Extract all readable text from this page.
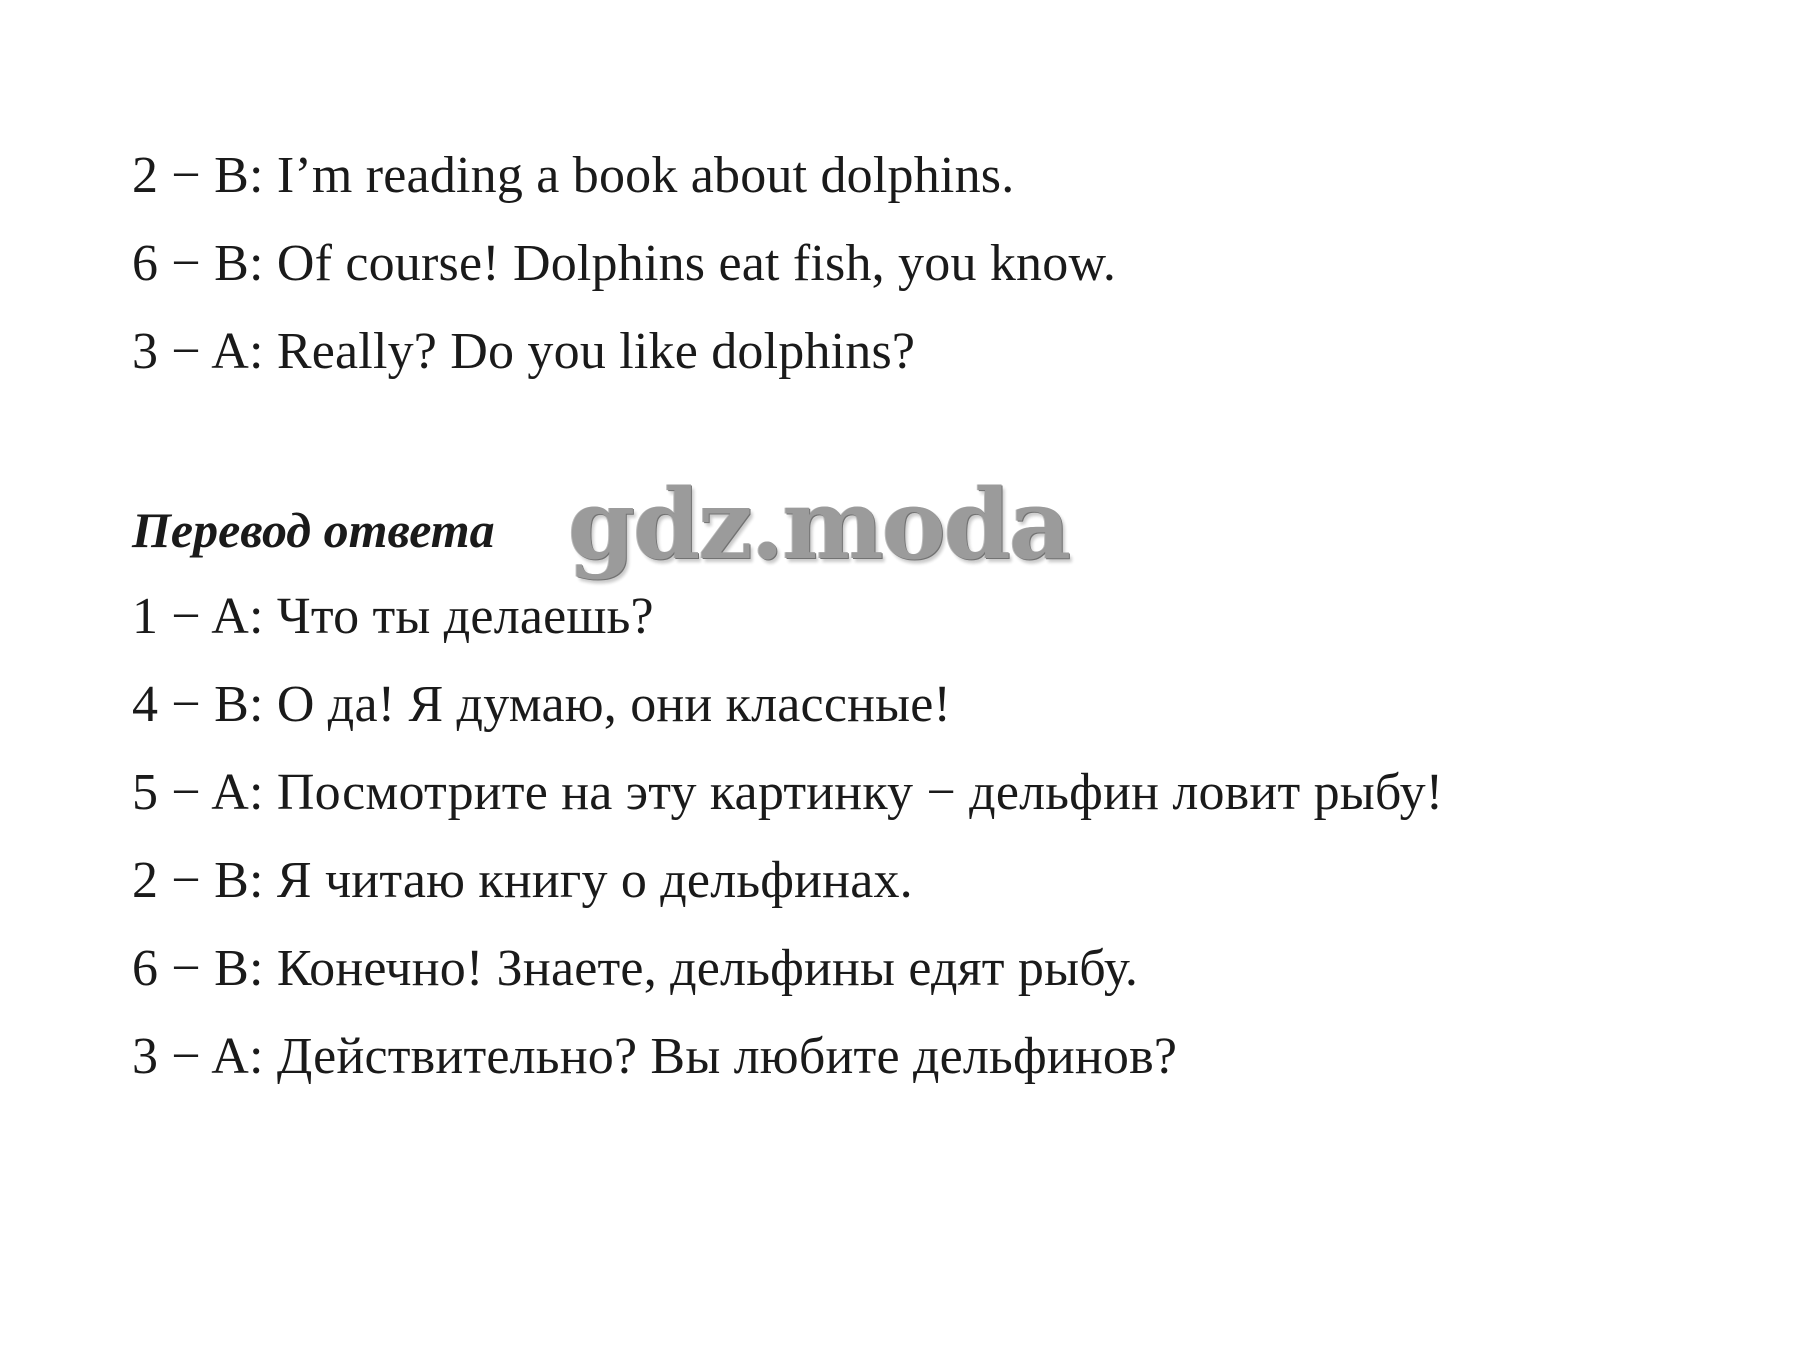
2 − B: I’m reading a book about dolphins.
6 − B: Of course! Dolphins eat fish, you know.
3 − A: Really? Do you like dolphins?
Перевод ответа gdz.moda
1 − A: Что ты делаешь?
4 − B: О да! Я думаю, они классные!
5 − A: Посмотрите на эту картинку − дельфин ловит рыбу!
2 − B: Я читаю книгу о дельфинах.
6 − B: Конечно! Знаете, дельфины едят рыбу.
3 − A: Действительно? Вы любите дельфинов?
